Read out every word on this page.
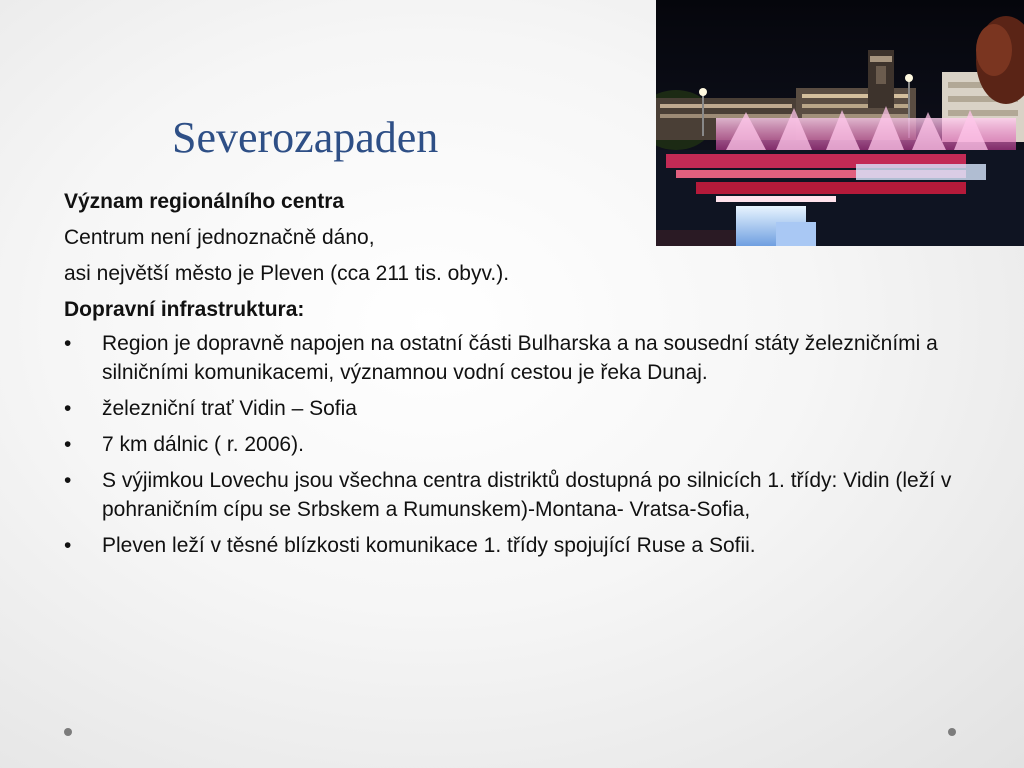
Severozapaden

Význam regionálního centra

Centrum není jednoznačně dáno,

asi největší město je Pleven (cca 211 tis. obyv.).

Dopravní infrastruktura:

•	Region je dopravně napojen na ostatní části Bulharska a na sousední státy železničními a silničními komunikacemi, významnou vodní cestou je řeka Dunaj.
•	železniční trať Vidin – Sofia
•	7 km dálnic ( r. 2006).
•	S výjimkou Lovechu jsou všechna centra distriktů dostupná po silnicích 1. třídy: Vidin (leží v pohraničním cípu se Srbskem a Rumunskem)-Montana- Vratsa-Sofia,
•	Pleven leží v těsné blízkosti komunikace 1. třídy spojující Ruse a Sofii.
